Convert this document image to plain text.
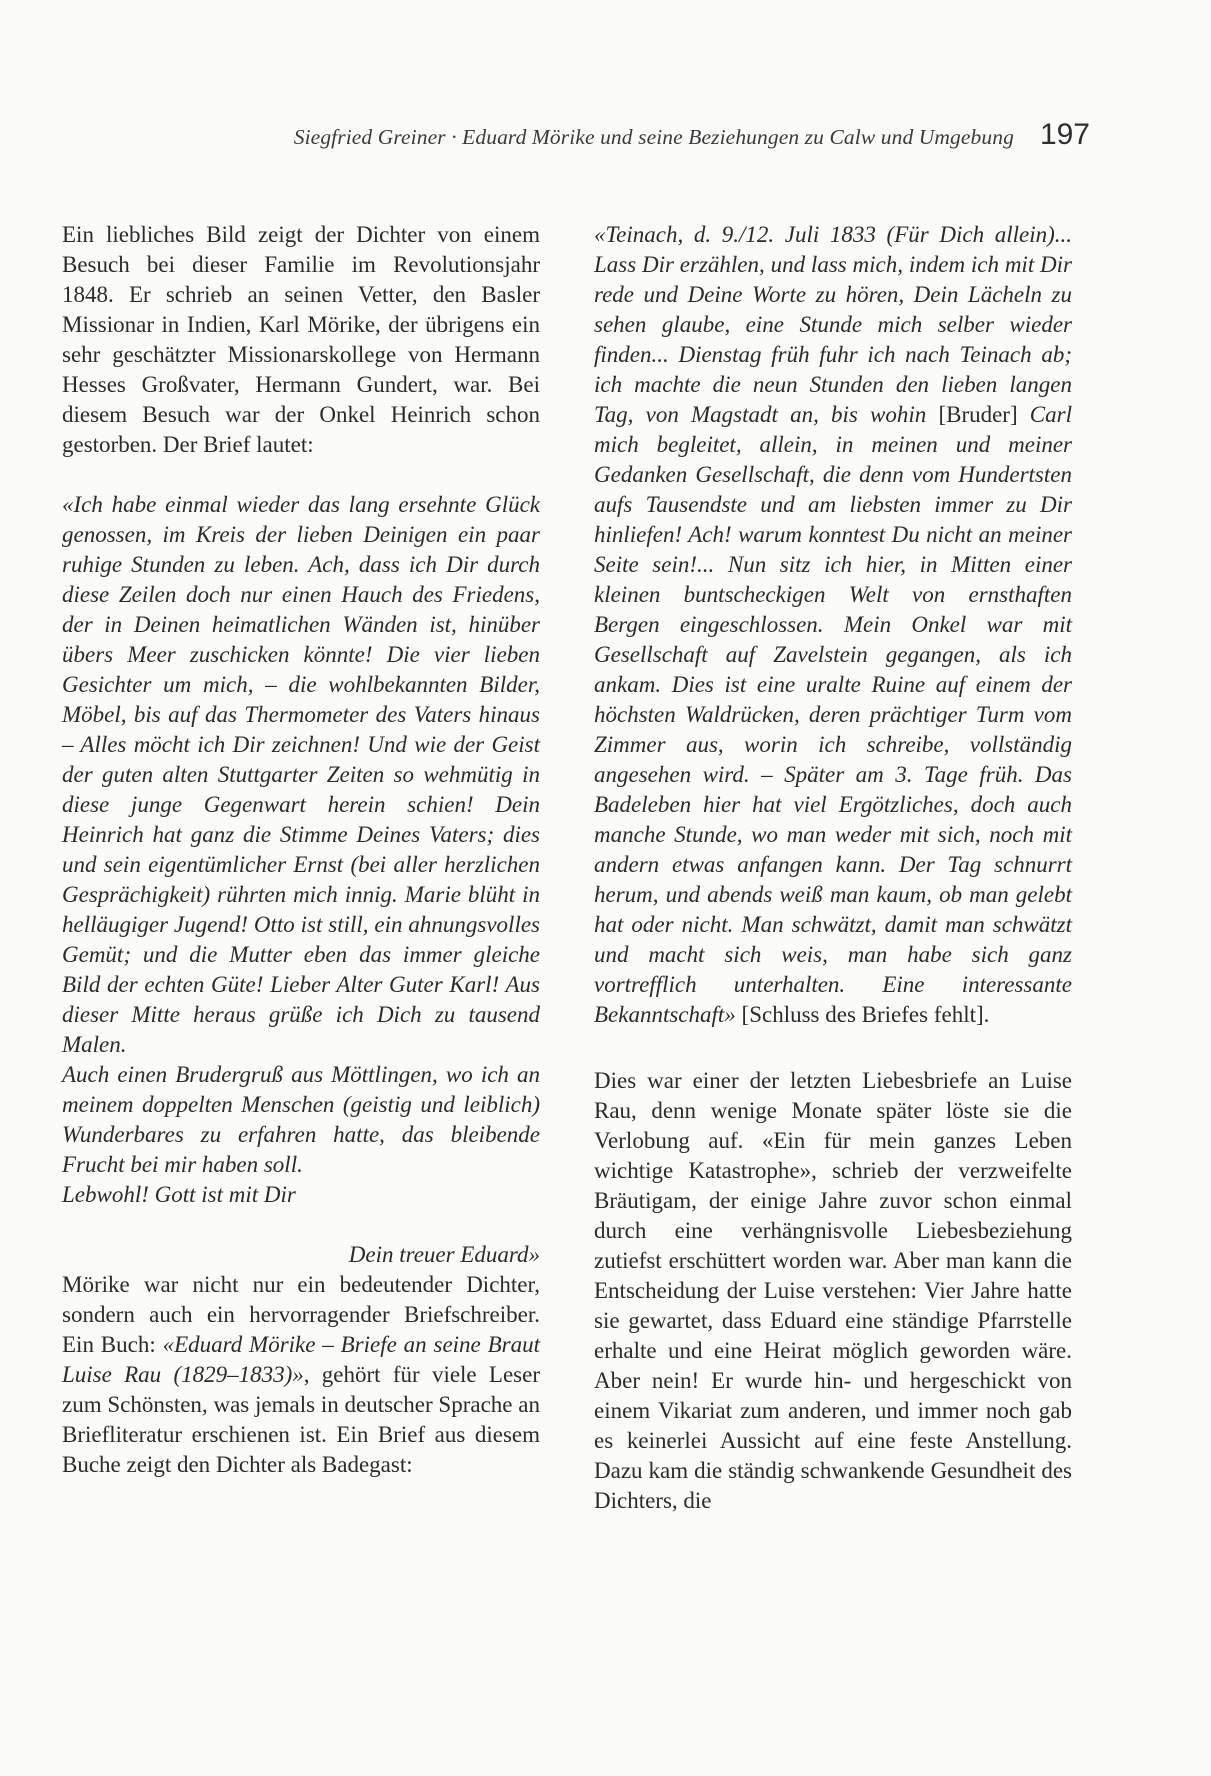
Siegfried Greiner · Eduard Mörike und seine Beziehungen zu Calw und Umgebung 197

Ein liebliches Bild zeigt der Dichter von einem Besuch bei dieser Familie im Revolutionsjahr 1848. Er schrieb an seinen Vetter, den Basler Missionar in Indien, Karl Mörike, der übrigens ein sehr geschätzter Missionarskollege von Hermann Hesses Großvater, Hermann Gundert, war. Bei diesem Besuch war der Onkel Heinrich schon gestorben. Der Brief lautet:

«Ich habe einmal wieder das lang ersehnte Glück genossen, im Kreis der lieben Deinigen ein paar ruhige Stunden zu leben. Ach, dass ich Dir durch diese Zeilen doch nur einen Hauch des Friedens, der in Deinen heimatlichen Wänden ist, hinüber übers Meer zuschicken könnte! Die vier lieben Gesichter um mich, – die wohlbekannten Bilder, Möbel, bis auf das Thermometer des Vaters hinaus – Alles möcht ich Dir zeichnen! Und wie der Geist der guten alten Stuttgarter Zeiten so wehmütig in diese junge Gegenwart herein schien! Dein Heinrich hat ganz die Stimme Deines Vaters; dies und sein eigentümlicher Ernst (bei aller herzlichen Gesprächigkeit) rührten mich innig. Marie blüht in helläugiger Jugend! Otto ist still, ein ahnungsvolles Gemüt; und die Mutter eben das immer gleiche Bild der echten Güte! Lieber Alter Guter Karl! Aus dieser Mitte heraus grüße ich Dich zu tausend Malen.

Auch einen Brudergruß aus Möttlingen, wo ich an meinem doppelten Menschen (geistig und leiblich) Wunderbares zu erfahren hatte, das bleibende Frucht bei mir haben soll.

Lebwohl! Gott ist mit Dir

Dein treuer Eduard»

Mörike war nicht nur ein bedeutender Dichter, sondern auch ein hervorragender Briefschreiber. Ein Buch: «Eduard Mörike – Briefe an seine Braut Luise Rau (1829–1833)», gehört für viele Leser zum Schönsten, was jemals in deutscher Sprache an Briefliteratur erschienen ist. Ein Brief aus diesem Buche zeigt den Dichter als Badegast:

«Teinach, d. 9./12. Juli 1833 (Für Dich allein)... Lass Dir erzählen, und lass mich, indem ich mit Dir rede und Deine Worte zu hören, Dein Lächeln zu sehen glaube, eine Stunde mich selber wieder finden... Dienstag früh fuhr ich nach Teinach ab; ich machte die neun Stunden den lieben langen Tag, von Magstadt an, bis wohin [Bruder] Carl mich begleitet, allein, in meinen und meiner Gedanken Gesellschaft, die denn vom Hundertsten aufs Tausendste und am liebsten immer zu Dir hinliefen! Ach! warum konntest Du nicht an meiner Seite sein!... Nun sitz ich hier, in Mitten einer kleinen buntscheckigen Welt von ernsthaften Bergen eingeschlossen. Mein Onkel war mit Gesellschaft auf Zavelstein gegangen, als ich ankam. Dies ist eine uralte Ruine auf einem der höchsten Waldrücken, deren prächtiger Turm vom Zimmer aus, worin ich schreibe, vollständig angesehen wird. – Später am 3. Tage früh. Das Badeleben hier hat viel Ergötzliches, doch auch manche Stunde, wo man weder mit sich, noch mit andern etwas anfangen kann. Der Tag schnurrt herum, und abends weiß man kaum, ob man gelebt hat oder nicht. Man schwätzt, damit man schwätzt und macht sich weis, man habe sich ganz vortrefflich unterhalten. Eine interessante Bekanntschaft» [Schluss des Briefes fehlt].

Dies war einer der letzten Liebesbriefe an Luise Rau, denn wenige Monate später löste sie die Verlobung auf. «Ein für mein ganzes Leben wichtige Katastrophe», schrieb der verzweifelte Bräutigam, der einige Jahre zuvor schon einmal durch eine verhängnisvolle Liebesbeziehung zutiefst erschüttert worden war. Aber man kann die Entscheidung der Luise verstehen: Vier Jahre hatte sie gewartet, dass Eduard eine ständige Pfarrstelle erhalte und eine Heirat möglich geworden wäre. Aber nein! Er wurde hin- und hergeschickt von einem Vikariat zum anderen, und immer noch gab es keinerlei Aussicht auf eine feste Anstellung. Dazu kam die ständig schwankende Gesundheit des Dichters, die
